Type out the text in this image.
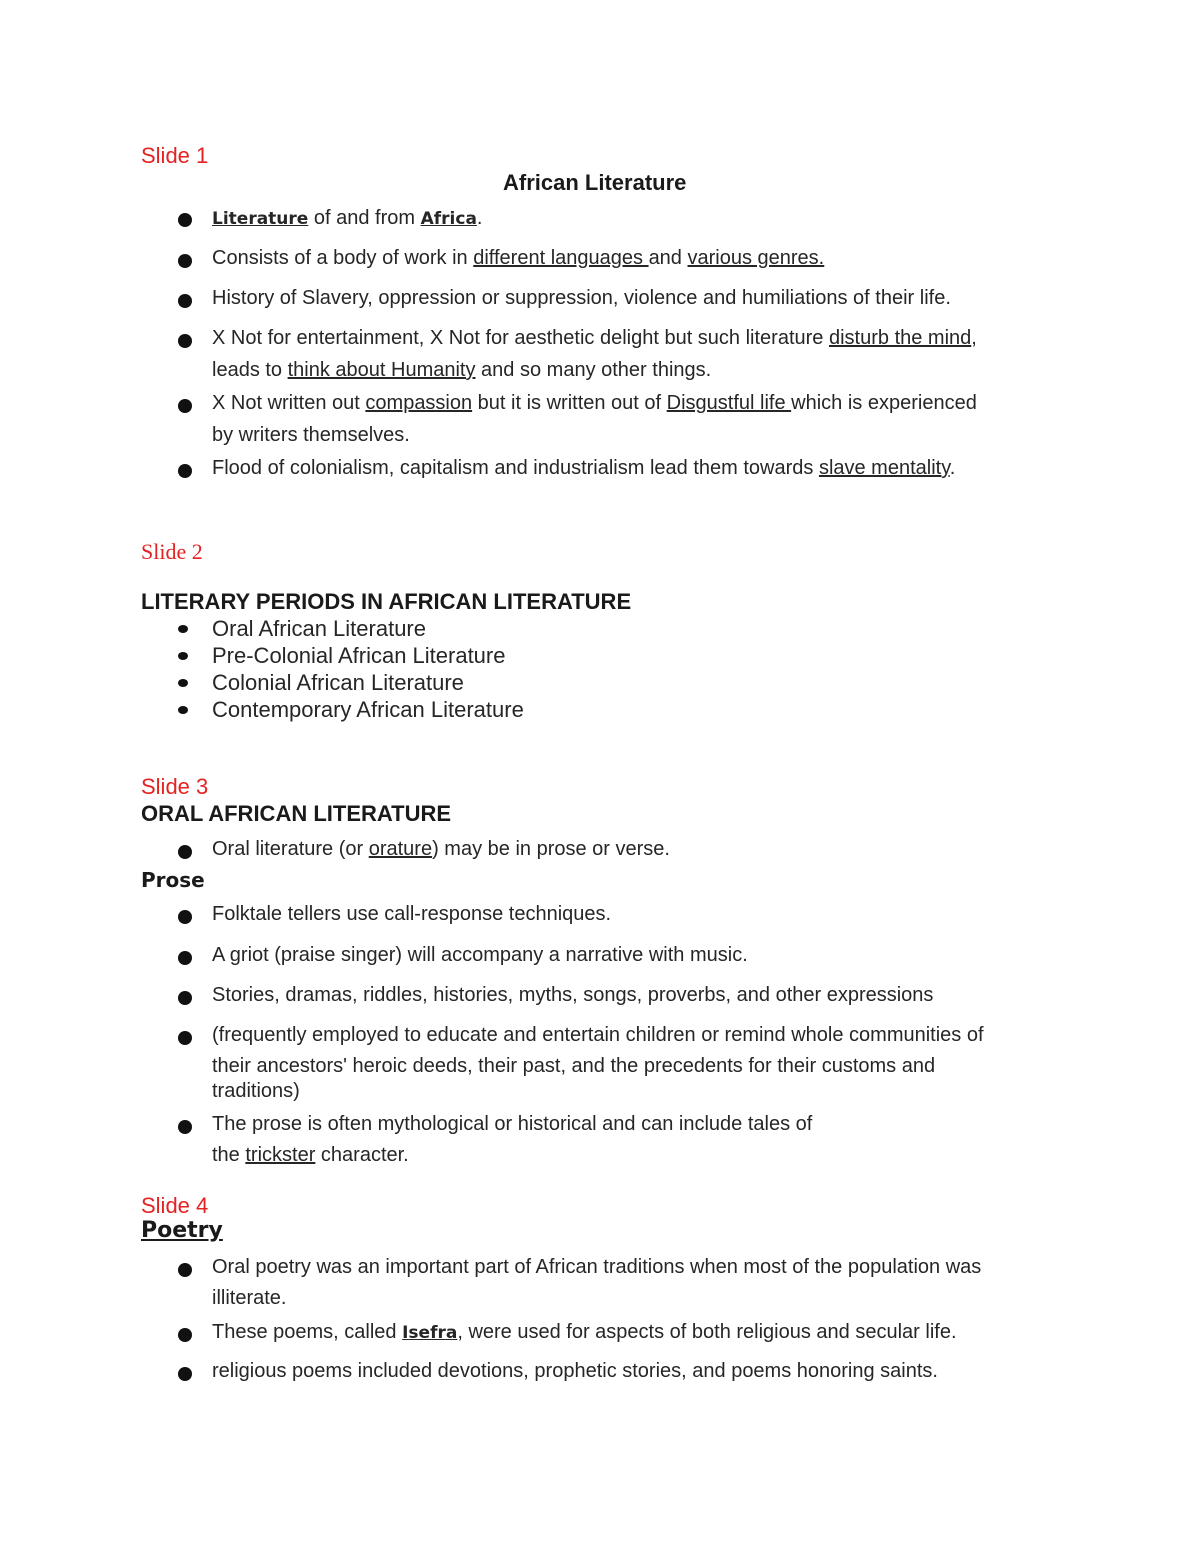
Slide 1
African Literature
Literature of and from Africa.
Consists of a body of work in different languages and various genres.
History of Slavery, oppression or suppression, violence and humiliations of their life.
X Not for entertainment, X Not for aesthetic delight but such literature disturb the mind,
leads to think about Humanity and so many other things.
X Not written out compassion but it is written out of Disgustful life which is experienced
by writers themselves.
Flood of colonialism, capitalism and industrialism lead them towards slave mentality.
Slide 2
LITERARY PERIODS IN AFRICAN LITERATURE
Oral African Literature
Pre-Colonial African Literature
Colonial African Literature
Contemporary African Literature
Slide 3
ORAL AFRICAN LITERATURE
Oral literature (or orature) may be in prose or verse.
Prose
Folktale tellers use call-response techniques.
A griot (praise singer) will accompany a narrative with music.
Stories, dramas, riddles, histories, myths, songs, proverbs, and other expressions
(frequently employed to educate and entertain children or remind whole communities of
their ancestors' heroic deeds, their past, and the precedents for their customs and
traditions)
The prose is often mythological or historical and can include tales of
the trickster character.
Slide 4
Poetry
Oral poetry was an important part of African traditions when most of the population was
illiterate.
These poems, called Isefra, were used for aspects of both religious and secular life.
religious poems included devotions, prophetic stories, and poems honoring saints.
